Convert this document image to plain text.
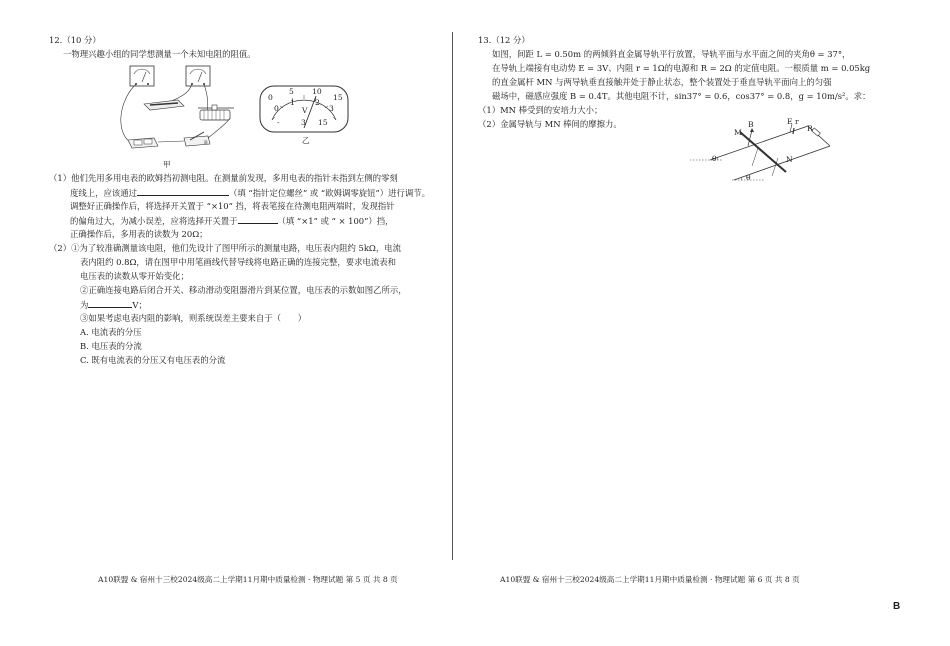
12.（10 分）
一物理兴趣小组的同学想测量一个未知电阻的阻值。
B
甲
0
5 10
15
0
1	2
3
V
-	3 15
乙
（1）他们先用多用电表的欧姆挡初测电阻。在测量前发现，多用电表的指针未指到左侧的零刻
度线上，应该通过	（填 “指针定位螺丝” 或 “欧姆调零旋钮”）进行调节。
调整好正确操作后，将选择开关置于 “×10” 挡，将表笔接在待测电阻两端时，发现指针
的偏角过大，为减小误差，应将选择开关置于	（填 “×1” 或 “ × 100”）挡，
正确操作后，多用表的读数为 20Ω；
（2）①为了较准确测量该电阻，他们先设计了图甲所示的测量电路，电压表内阻约 5kΩ，电流
表内阻约 0.8Ω，请在图甲中用笔画线代替导线将电路正确的连接完整，要求电流表和
电压表的读数从零开始变化；
②正确连接电路后闭合开关、移动滑动变阻器滑片到某位置，电压表的示数如图乙所示，
为	V；
③如果考虑电表内阻的影响，则系统误差主要来自于（　　）
A. 电流表的分压
B. 电压表的分流
C. 既有电流表的分压又有电压表的分流
A10联盟 & 宿州十三校2024级高二上学期11月期中质量检测 · 物理试题 第 5 页 共 8 页
13.（12 分）
如图，间距 L = 0.50m 的两倾斜直金属导轨平行放置，导轨平面与水平面之间的夹角θ = 37°，
在导轨上端接有电动势 E = 3V、内阻 r = 1Ω的电源和 R = 2Ω 的定值电阻。一根质量 m = 0.05kg
的直金属杆 MN 与两导轨垂直接触并处于静止状态，整个装置处于垂直导轨平面向上的匀强
磁场中，磁感应强度 B = 0.4T。其他电阻不计，sin37° = 0.6，cos37° = 0.8，g = 10m/s²。求：
（1）MN 棒受到的安培力大小；
（2）金属导轨与 MN 棒间的摩擦力。	B	E r
R
M
N
θ
θ
A10联盟 & 宿州十三校2024级高二上学期11月期中质量检测 · 物理试题 第 6 页 共 8 页
B
